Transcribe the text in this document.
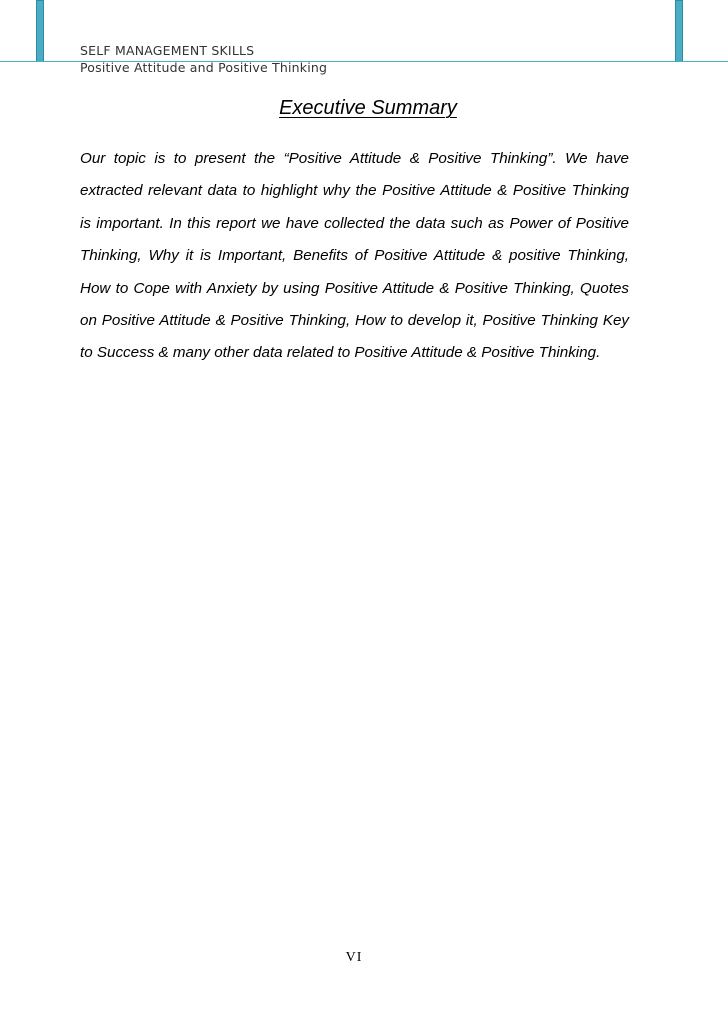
SELF MANAGEMENT SKILLS
Positive Attitude and Positive Thinking
Executive Summary

Our topic is to present the “Positive Attitude & Positive Thinking”. We have extracted relevant data to highlight why the Positive Attitude & Positive Thinking is important. In this report we have collected the data such as Power of Positive Thinking, Why it is Important, Benefits of Positive Attitude & positive Thinking, How to Cope with Anxiety by using Positive Attitude & Positive Thinking, Quotes on Positive Attitude & Positive Thinking, How to develop it, Positive Thinking Key to Success & many other data related to Positive Attitude & Positive Thinking.

VI
